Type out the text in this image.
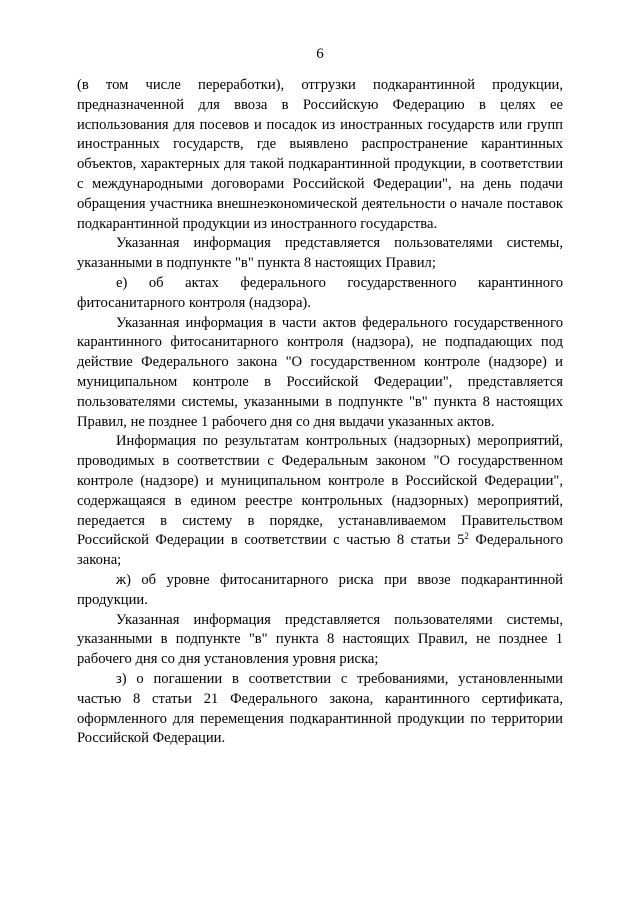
6

(в том числе переработки), отгрузки подкарантинной продукции, предназначенной для ввоза в Российскую Федерацию в целях ее использования для посевов и посадок из иностранных государств или групп иностранных государств, где выявлено распространение карантинных объектов, характерных для такой подкарантинной продукции, в соответствии с международными договорами Российской Федерации", на день подачи обращения участника внешнеэкономической деятельности о начале поставок подкарантинной продукции из иностранного государства.

Указанная информация представляется пользователями системы, указанными в подпункте "в" пункта 8 настоящих Правил;

е) об актах федерального государственного карантинного фитосанитарного контроля (надзора).

Указанная информация в части актов федерального государственного карантинного фитосанитарного контроля (надзора), не подпадающих под действие Федерального закона "О государственном контроле (надзоре) и муниципальном контроле в Российской Федерации", представляется пользователями системы, указанными в подпункте "в" пункта 8 настоящих Правил, не позднее 1 рабочего дня со дня выдачи указанных актов.

Информация по результатам контрольных (надзорных) мероприятий, проводимых в соответствии с Федеральным законом "О государственном контроле (надзоре) и муниципальном контроле в Российской Федерации", содержащаяся в едином реестре контрольных (надзорных) мероприятий, передается в систему в порядке, устанавливаемом Правительством Российской Федерации в соответствии с частью 8 статьи $5^2$ Федерального закона;

ж) об уровне фитосанитарного риска при ввозе подкарантинной продукции.

Указанная информация представляется пользователями системы, указанными в подпункте "в" пункта 8 настоящих Правил, не позднее 1 рабочего дня со дня установления уровня риска;

з) о погашении в соответствии с требованиями, установленными частью 8 статьи 21 Федерального закона, карантинного сертификата, оформленного для перемещения подкарантинной продукции по территории Российской Федерации.
